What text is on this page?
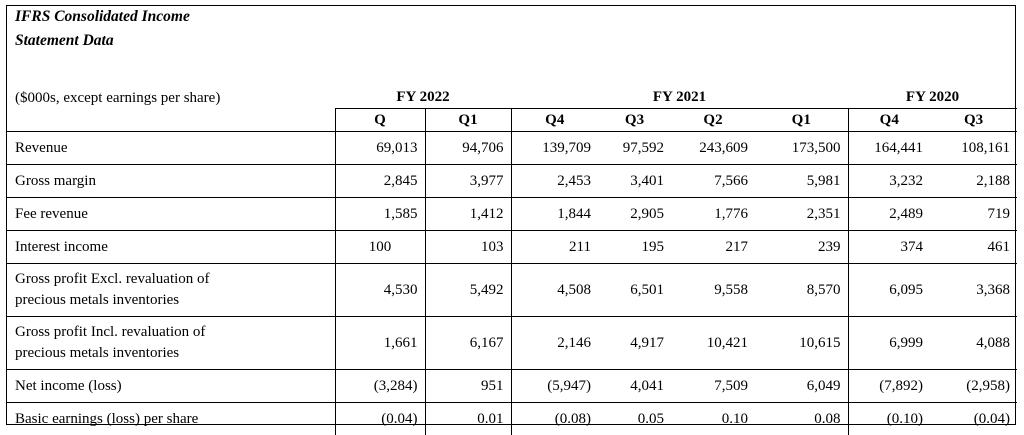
IFRS Consolidated Income								
Statement Data								

($000s, except earnings per share)	FY 2022		FY 2021				FY 2020	
	Q	Q1	Q4	Q3	Q2	Q1	Q4	Q3
Revenue	69,013	94,706	139,709	97,592	243,609	173,500	164,441	108,161
Gross margin	2,845	3,977	2,453	3,401	7,566	5,981	3,232	2,188
Fee revenue	1,585	1,412	1,844	2,905	1,776	2,351	2,489	719
Interest income	100	103	211	195	217	239	374	461

Gross profit Excl. revaluation of
precious metals inventories	4,530	5,492	4,508	6,501	9,558	8,570	6,095	3,368

Gross profit Incl. revaluation of
precious metals inventories	1,661	6,167	2,146	4,917	10,421	10,615	6,999	4,088
Net income (loss)	(3,284)	951	(5,947)	4,041	7,509	6,049	(7,892)	(2,958)
Basic earnings (loss) per share	(0.04)	0.01	(0.08)	0.05	0.10	0.08	(0.10)	(0.04)
